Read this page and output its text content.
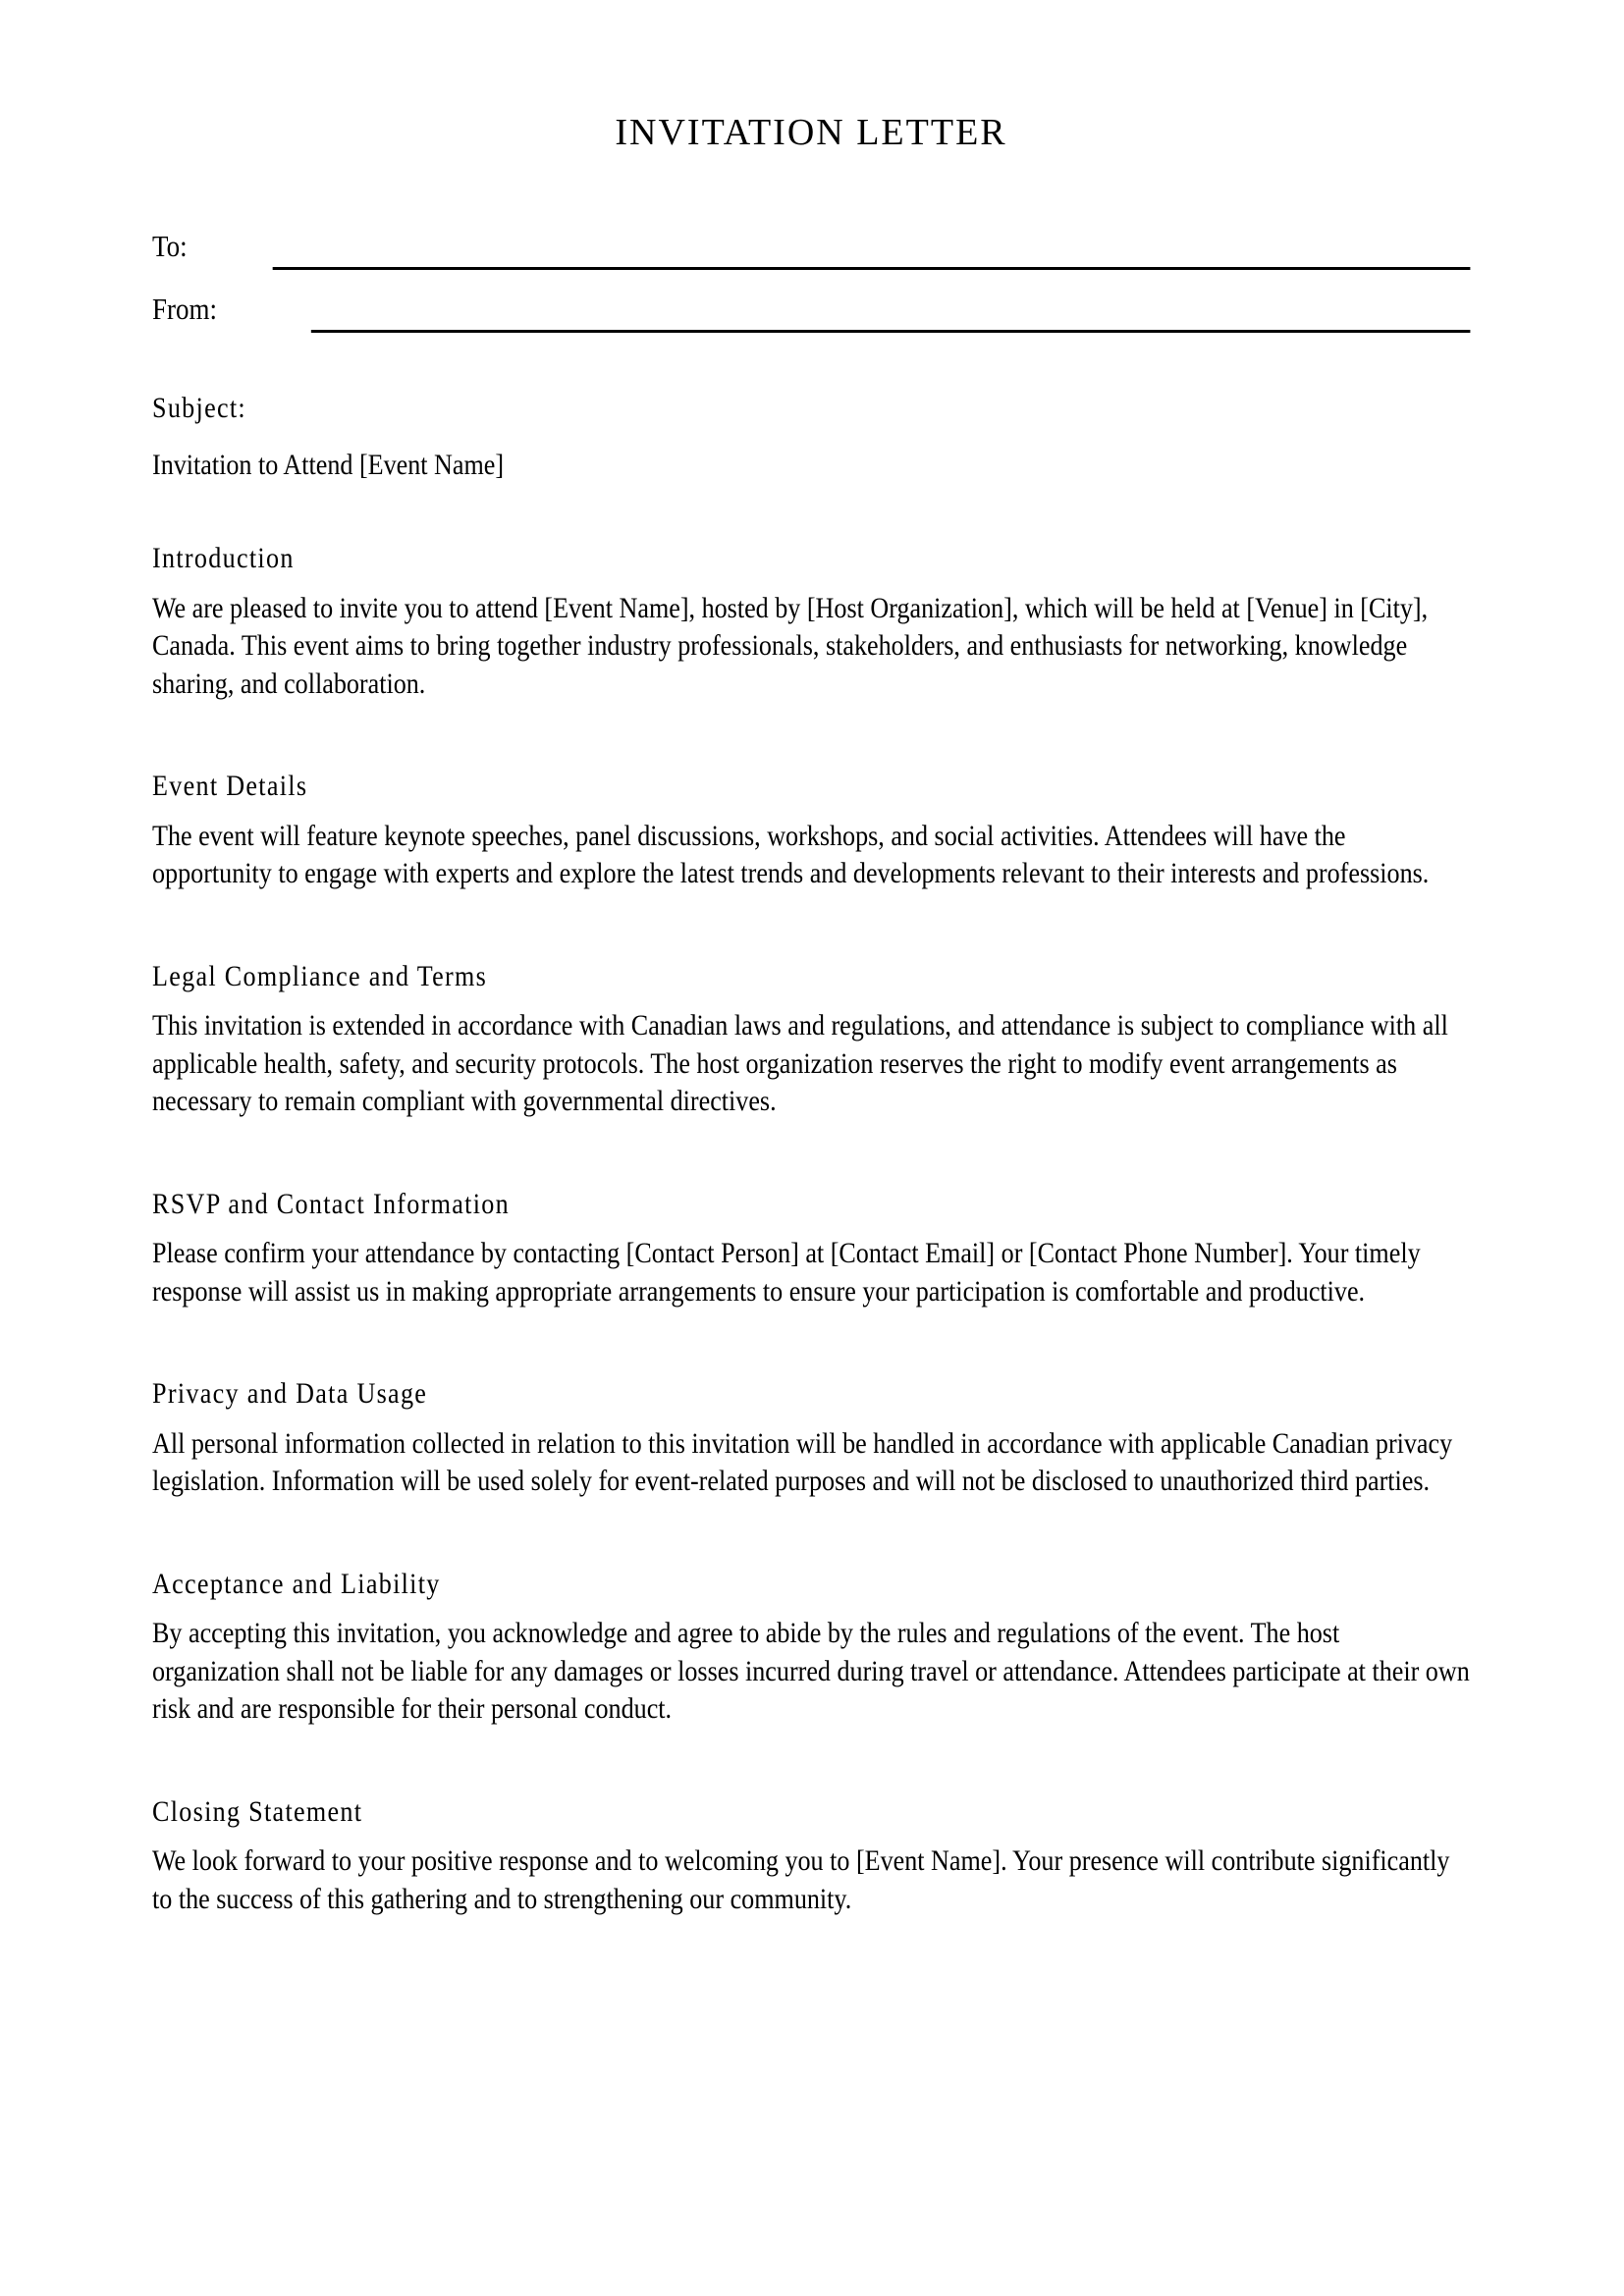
INVITATION LETTER
To:
From:
Subject:
Invitation to Attend [Event Name]
Introduction
We are pleased to invite you to attend [Event Name], hosted by [Host Organization], which will be held at [Venue] in [City], Canada. This event aims to bring together industry professionals, stakeholders, and enthusiasts for networking, knowledge sharing, and collaboration.
Event Details
The event will feature keynote speeches, panel discussions, workshops, and social activities. Attendees will have the opportunity to engage with experts and explore the latest trends and developments relevant to their interests and professions.
Legal Compliance and Terms
This invitation is extended in accordance with Canadian laws and regulations, and attendance is subject to compliance with all applicable health, safety, and security protocols. The host organization reserves the right to modify event arrangements as necessary to remain compliant with governmental directives.
RSVP and Contact Information
Please confirm your attendance by contacting [Contact Person] at [Contact Email] or [Contact Phone Number]. Your timely response will assist us in making appropriate arrangements to ensure your participation is comfortable and productive.
Privacy and Data Usage
All personal information collected in relation to this invitation will be handled in accordance with applicable Canadian privacy legislation. Information will be used solely for event-related purposes and will not be disclosed to unauthorized third parties.
Acceptance and Liability
By accepting this invitation, you acknowledge and agree to abide by the rules and regulations of the event. The host organization shall not be liable for any damages or losses incurred during travel or attendance. Attendees participate at their own risk and are responsible for their personal conduct.
Closing Statement
We look forward to your positive response and to welcoming you to [Event Name]. Your presence will contribute significantly to the success of this gathering and to strengthening our community.
